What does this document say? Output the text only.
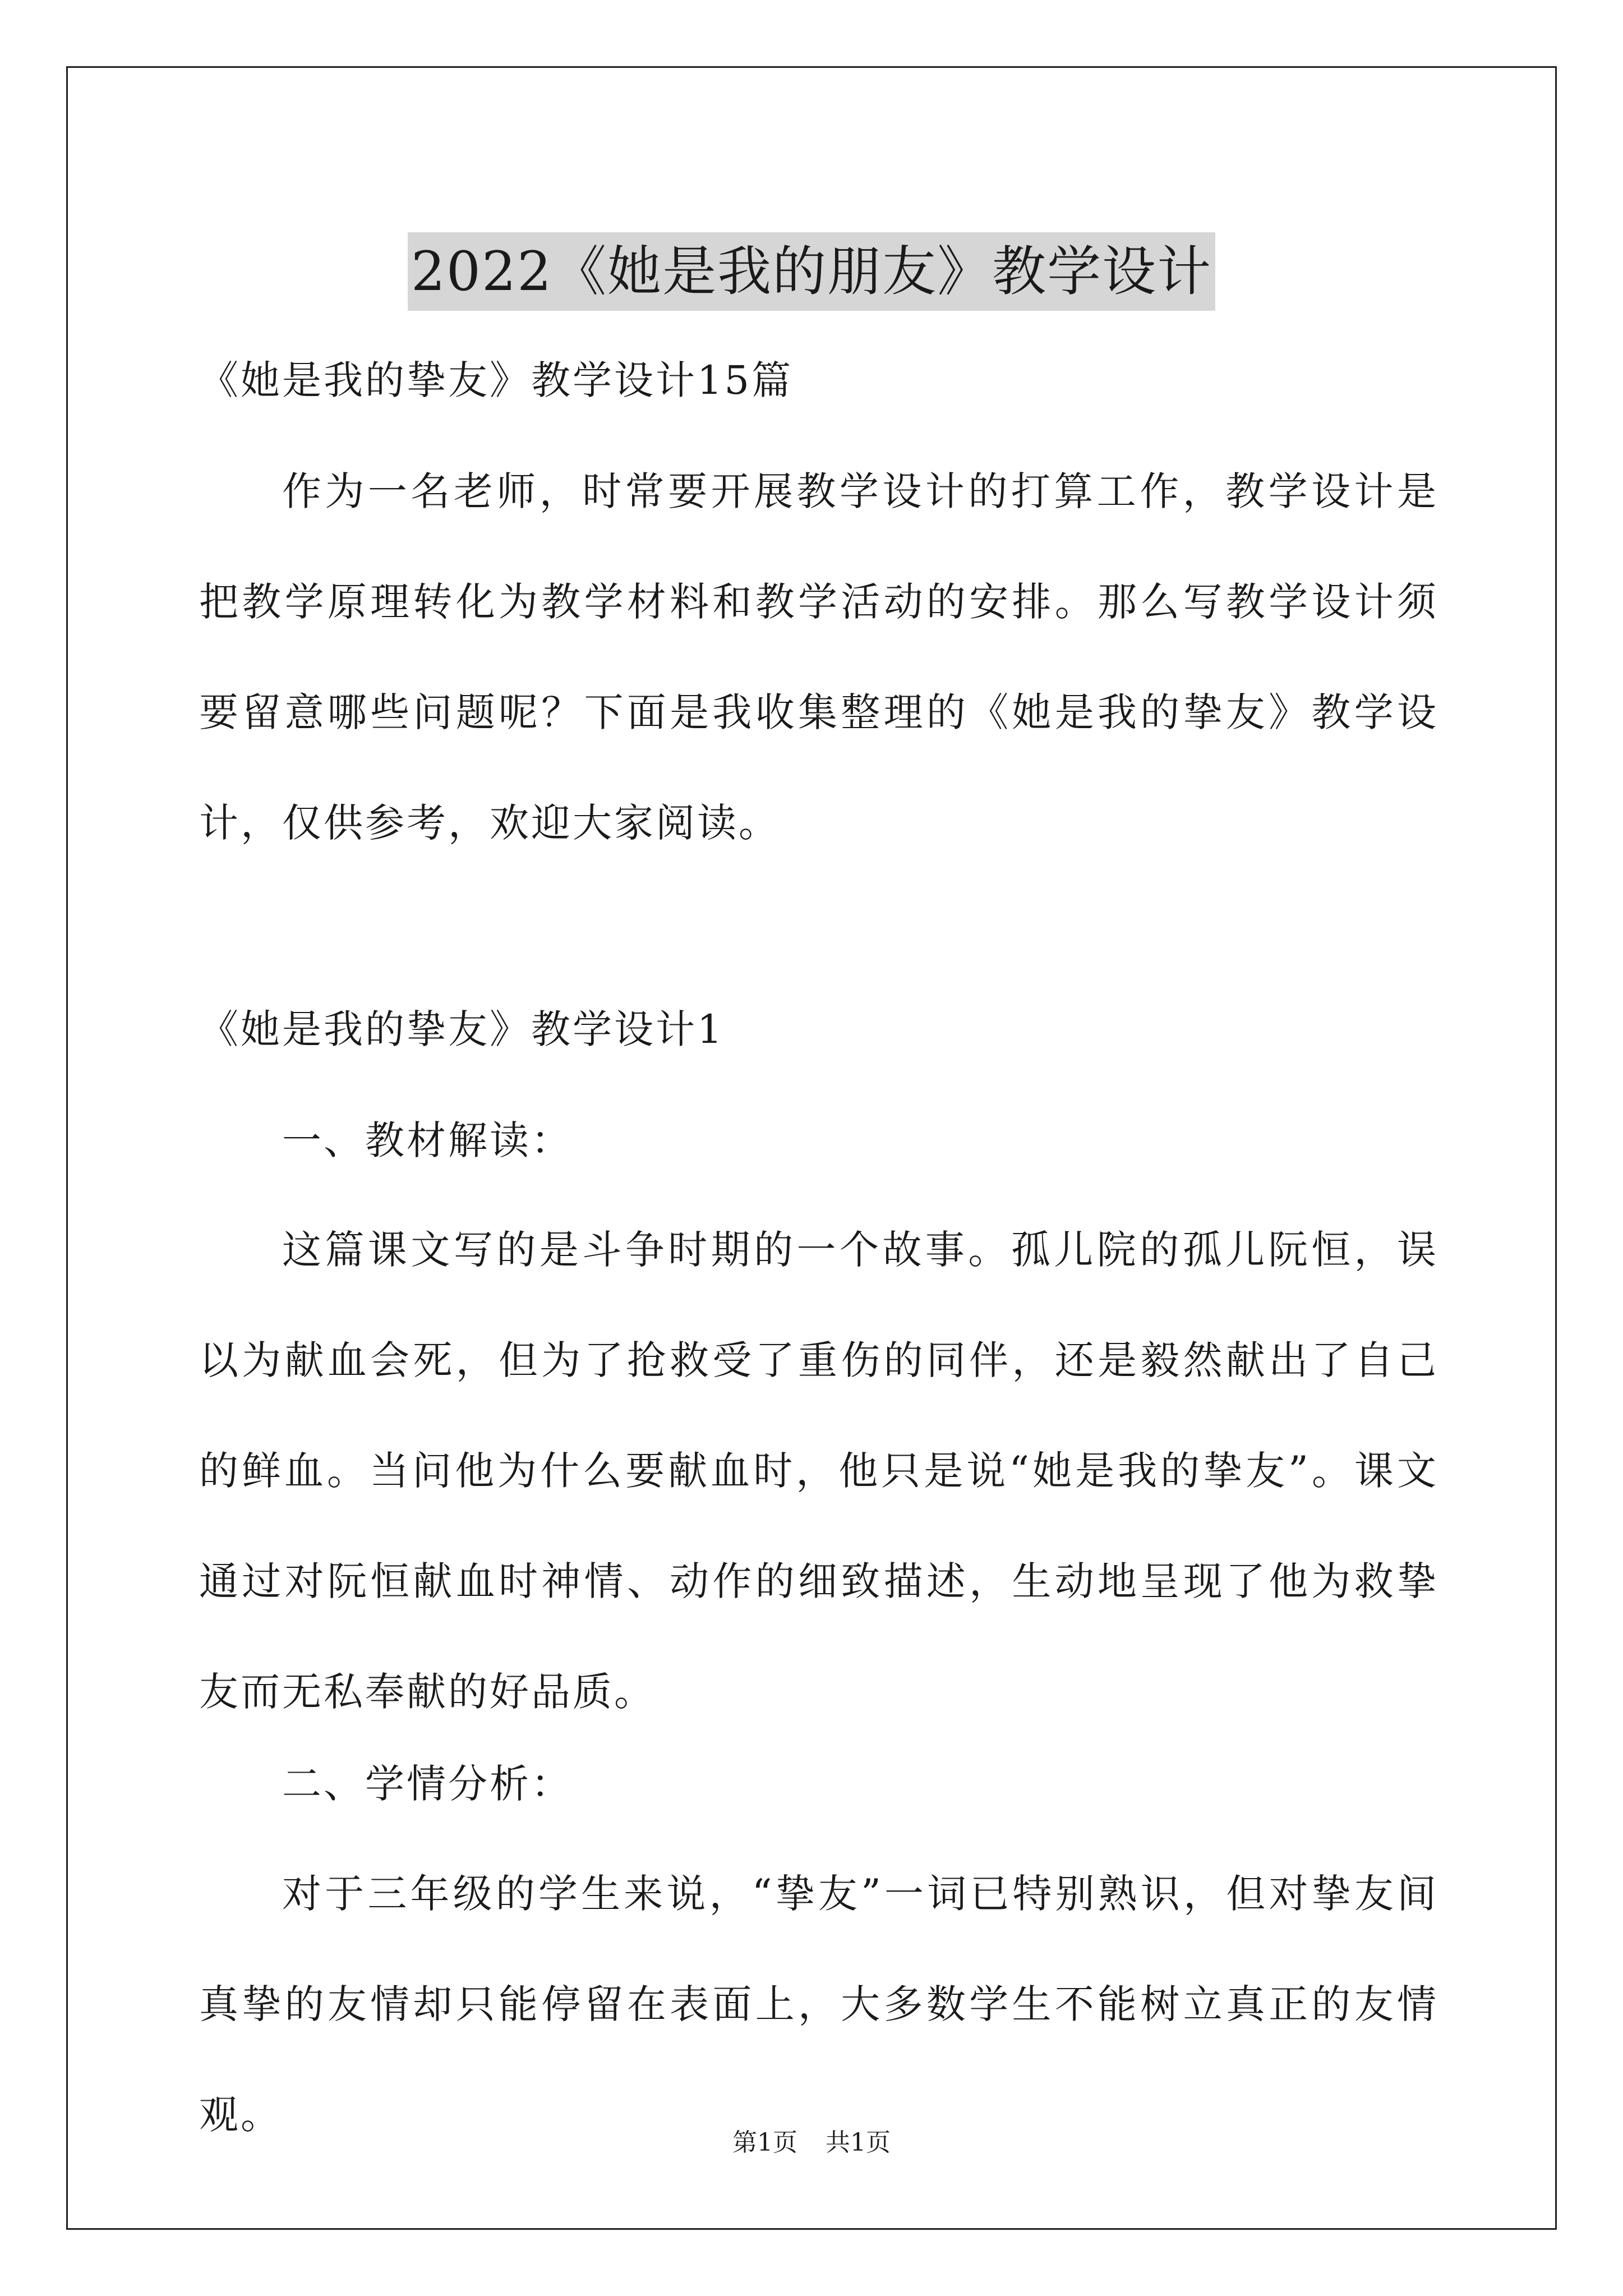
2022《她是我的朋友》教学设计
《她是我的挚友》教学设计15篇
作为一名老师，时常要开展教学设计的打算工作，教学设计是把教学原理转化为教学材料和教学活动的安排。那么写教学设计须要留意哪些问题呢？下面是我收集整理的《她是我的挚友》教学设计，仅供参考，欢迎大家阅读。
《她是我的挚友》教学设计1
一、教材解读：
这篇课文写的是斗争时期的一个故事。孤儿院的孤儿阮恒，误以为献血会死，但为了抢救受了重伤的同伴，还是毅然献出了自己的鲜血。当问他为什么要献血时，他只是说“她是我的挚友”。课文通过对阮恒献血时神情、动作的细致描述，生动地呈现了他为救挚友而无私奉献的好品质。
二、学情分析：
对于三年级的学生来说，“挚友”一词已特别熟识，但对挚友间真挚的友情却只能停留在表面上，大多数学生不能树立真正的友情观。
第1页 共1页
